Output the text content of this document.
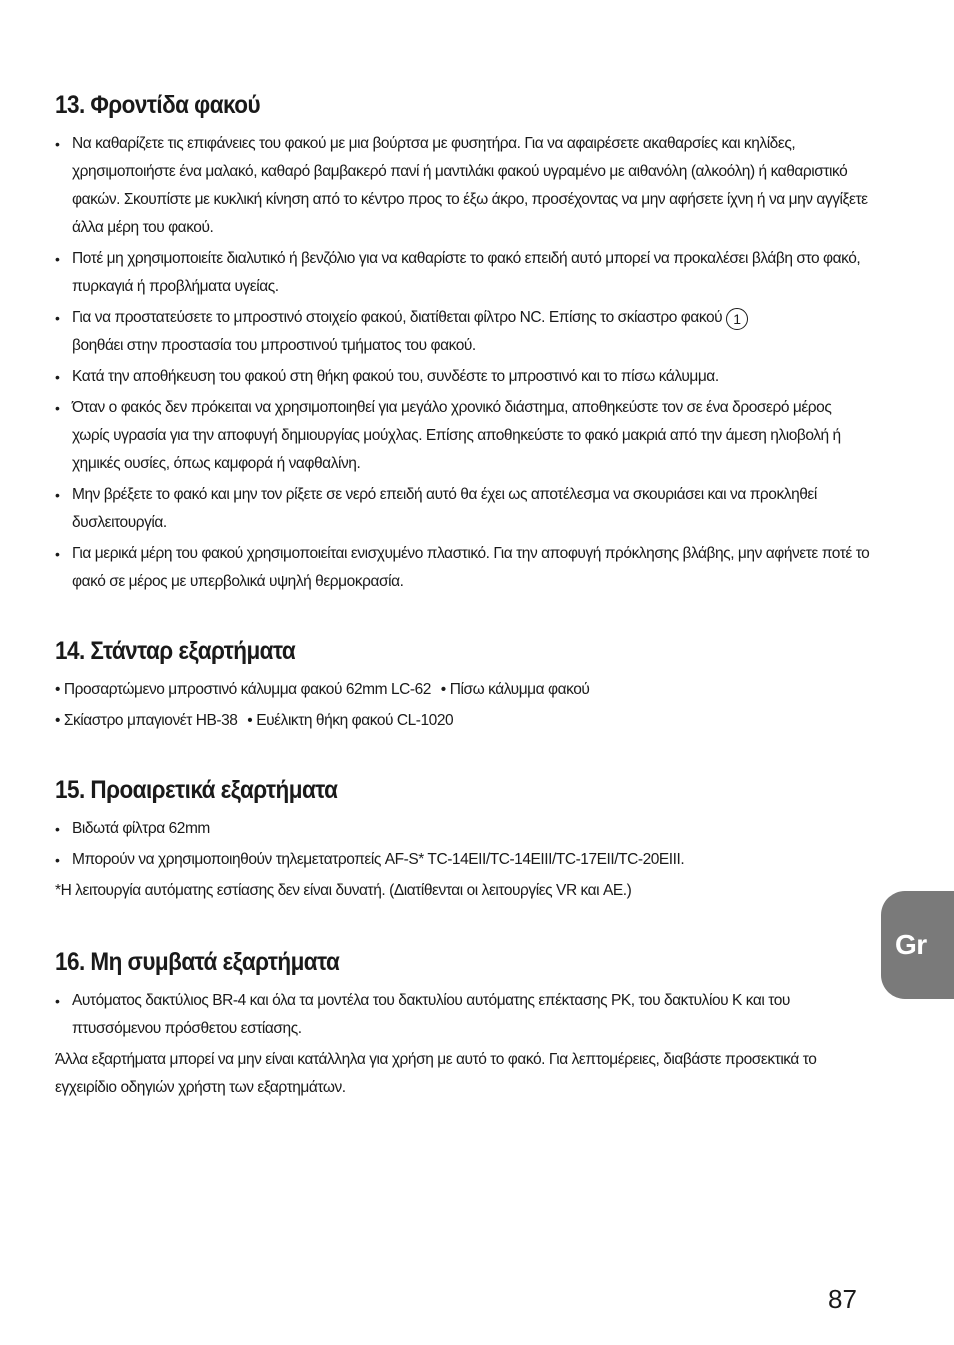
13. Φροντίδα φακού
• Να καθαρίζετε τις επιφάνειες του φακού με μια βούρτσα με φυσητήρα. Για να αφαιρέσετε ακαθαρσίες και κηλίδες, χρησιμοποιήστε ένα μαλακό, καθαρό βαμβακερό πανί ή μαντιλάκι φακού υγραμένο με αιθανόλη (αλκοόλη) ή καθαριστικό φακών. Σκουπίστε με κυκλική κίνηση από το κέντρο προς το έξω άκρο, προσέχοντας να μην αφήσετε ίχνη ή να μην αγγίξετε άλλα μέρη του φακού.
• Ποτέ μη χρησιμοποιείτε διαλυτικό ή βενζόλιο για να καθαρίστε το φακό επειδή αυτό μπορεί να προκαλέσει βλάβη στο φακό, πυρκαγιά ή προβλήματα υγείας.
• Για να προστατεύσετε το μπροστινό στοιχείο φακού, διατίθεται φίλτρο NC. Επίσης το σκίαστρο φακού 1
βοηθάει στην προστασία του μπροστινού τμήματος του φακού.
• Κατά την αποθήκευση του φακού στη θήκη φακού του, συνδέστε το μπροστινό και το πίσω κάλυμμα.
• Όταν ο φακός δεν πρόκειται να χρησιμοποιηθεί για μεγάλο χρονικό διάστημα, αποθηκεύστε τον σε ένα δροσερό μέρος χωρίς υγρασία για την αποφυγή δημιουργίας μούχλας. Επίσης αποθηκεύστε το φακό μακριά από την άμεση ηλιοβολή ή χημικές ουσίες, όπως καμφορά ή ναφθαλίνη.
• Μην βρέξετε το φακό και μην τον ρίξετε σε νερό επειδή αυτό θα έχει ως αποτέλεσμα να σκουριάσει και να προκληθεί δυσλειτουργία.
• Για μερικά μέρη του φακού χρησιμοποιείται ενισχυμένο πλαστικό. Για την αποφυγή πρόκλησης βλάβης, μην αφήνετε ποτέ το φακό σε μέρος με υπερβολικά υψηλή θερμοκρασία.
14. Στάνταρ εξαρτήματα
• Προσαρτώμενο μπροστινό κάλυμμα φακού 62mm LC-62 • Πίσω κάλυμμα φακού
• Σκίαστρο μπαγιονέτ HB-38 • Ευέλικτη θήκη φακού CL-1020
15. Προαιρετικά εξαρτήματα
• Βιδωτά φίλτρα 62mm
• Μπορούν να χρησιμοποιηθούν τηλεμετατροπείς AF-S* TC-14EII/TC-14EIII/TC-17EII/TC-20EIII.

*Η λειτουργία αυτόματης εστίασης δεν είναι δυνατή. (Διατίθενται οι λειτουργίες VR και AE.)

16. Μη συμβατά εξαρτήματα
• Αυτόματος δακτύλιος BR-4 και όλα τα μοντέλα του δακτυλίου αυτόματης επέκτασης PK, του δακτυλίου K και του πτυσσόμενου πρόσθετου εστίασης.

Άλλα εξαρτήματα μπορεί να μην είναι κατάλληλα για χρήση με αυτό το φακό. Για λεπτομέρειες, διαβάστε προσεκτικά το εγχειρίδιο οδηγιών χρήστη των εξαρτημάτων.

Gr
87
